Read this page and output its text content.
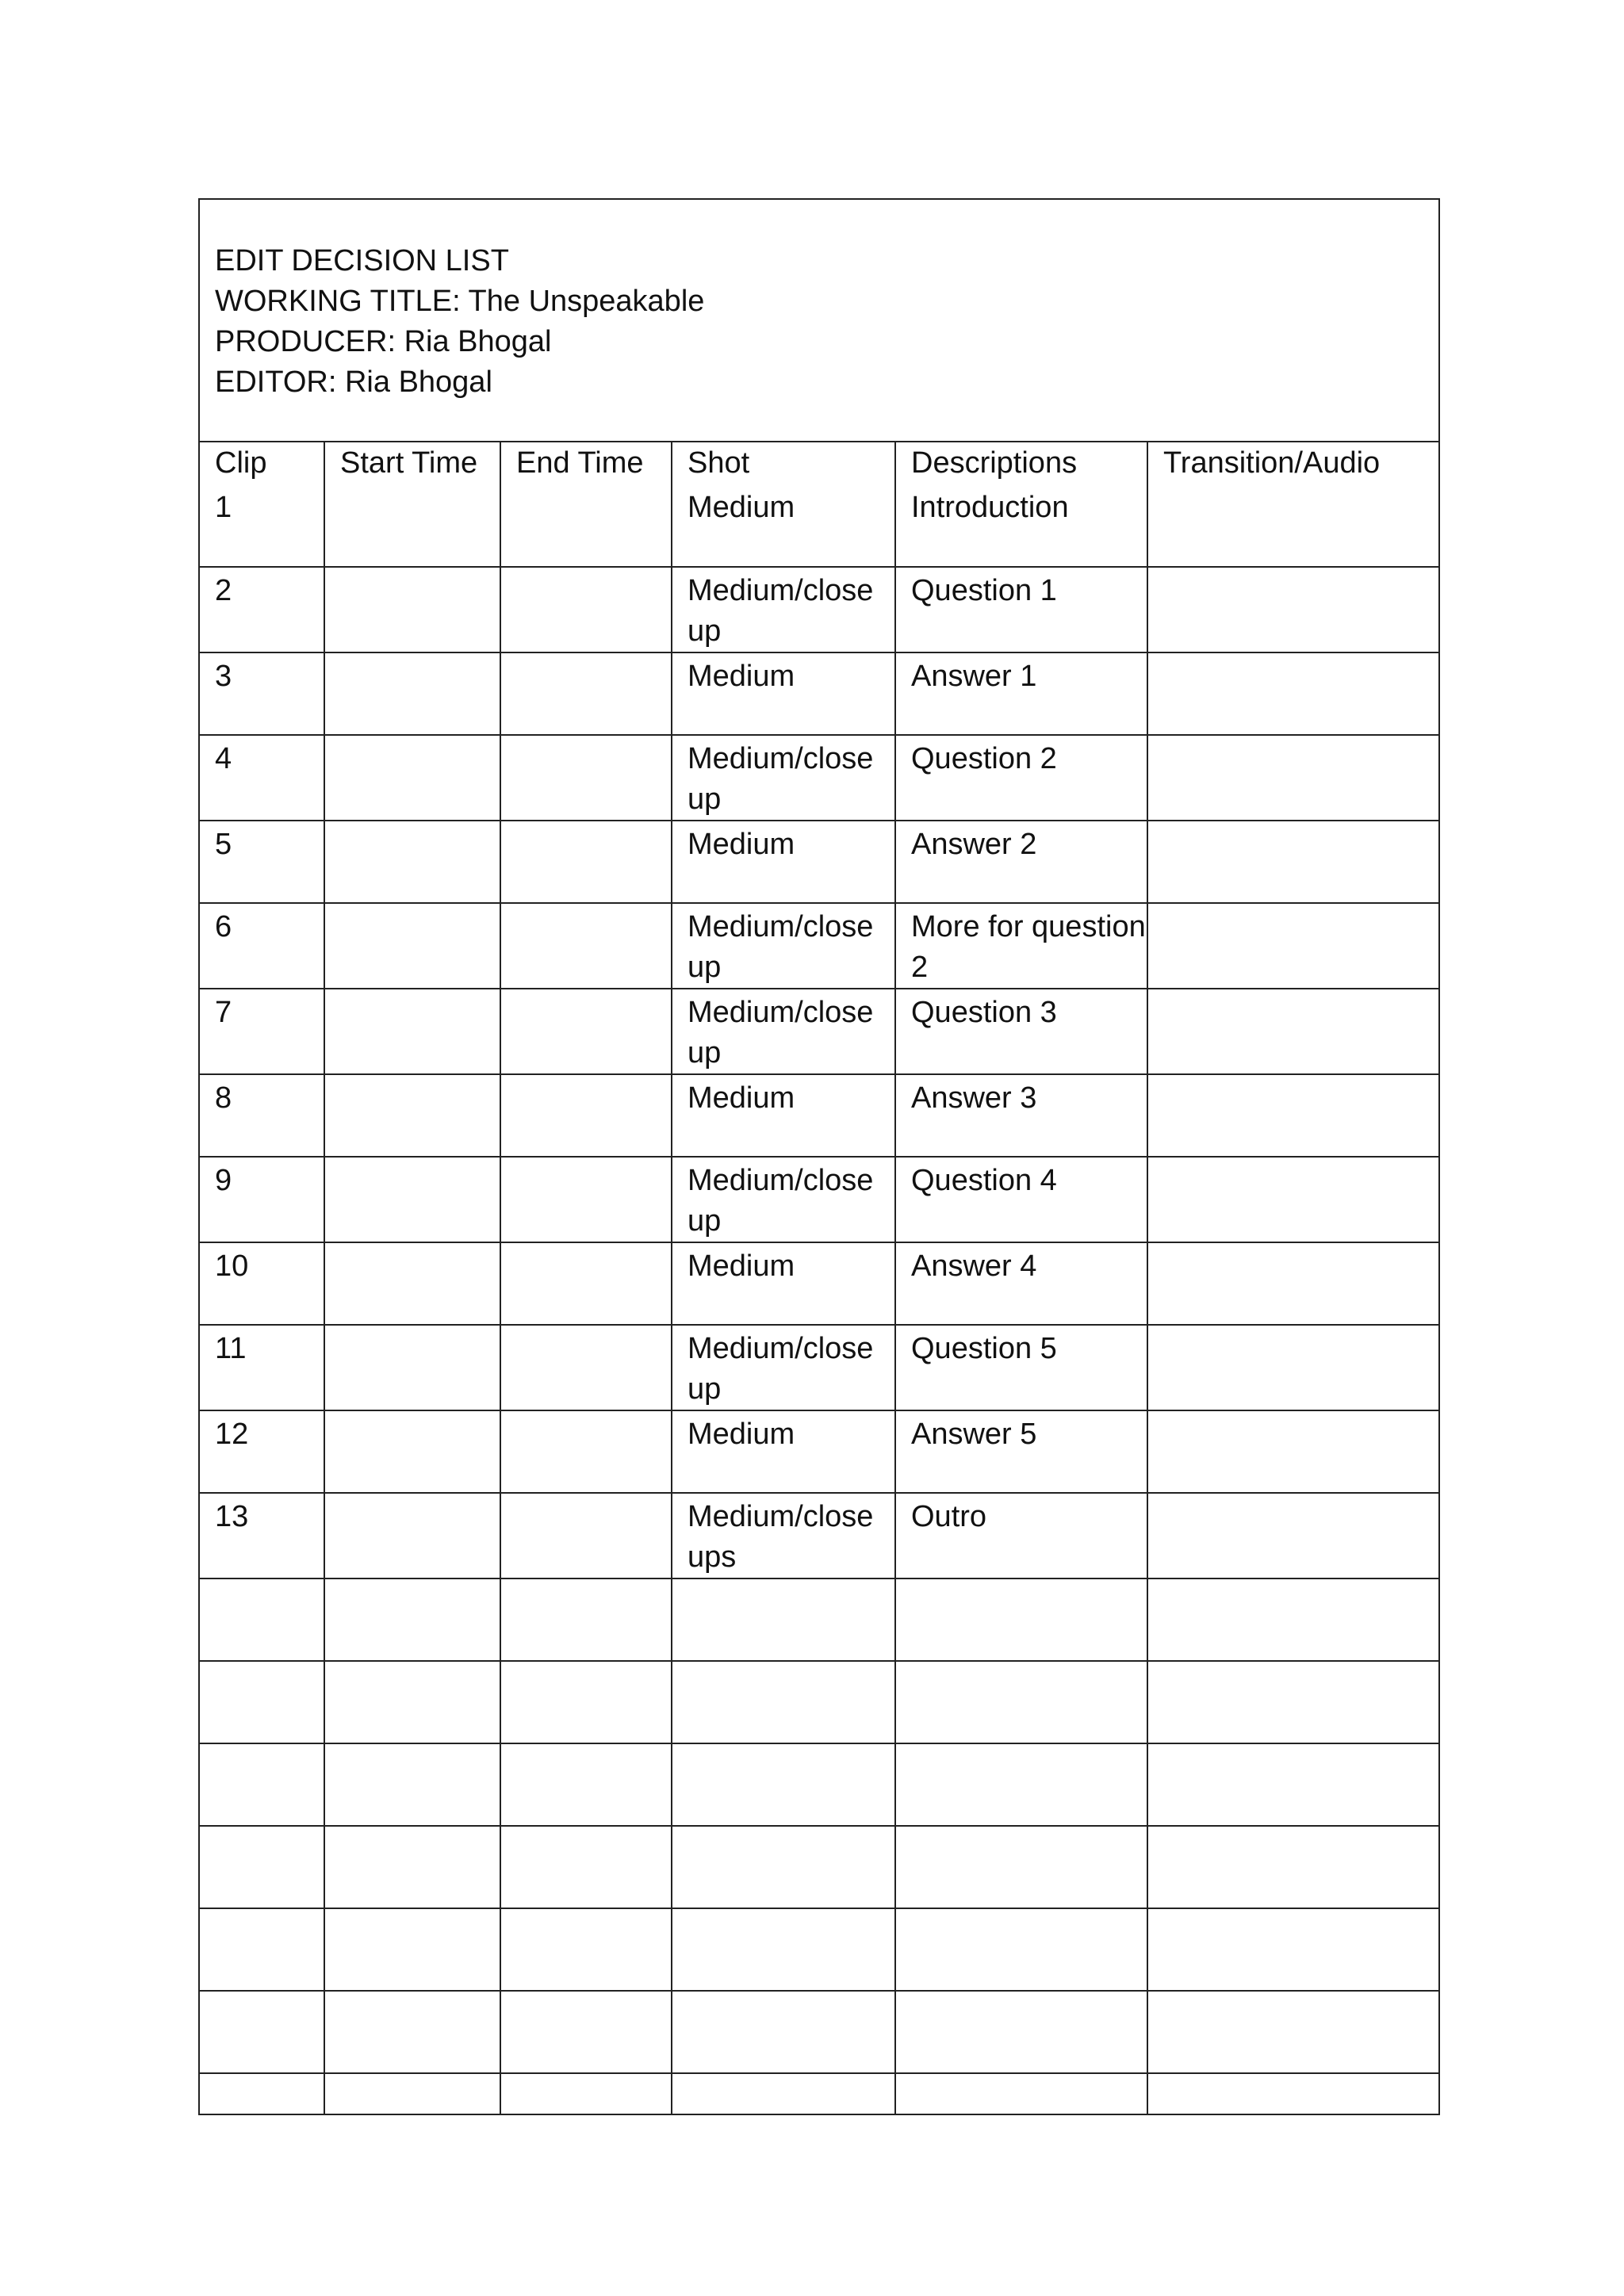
EDIT DECISION LIST
WORKING TITLE: The Unspeakable
PRODUCER: Ria Bhogal
EDITOR: Ria Bhogal
Clip	Start Time	End Time	Shot	Descriptions	Transition/Audio
1			Medium	Introduction	
2			Medium/close up	Question 1	
3			Medium	Answer 1	
4			Medium/close up	Question 2	
5			Medium	Answer 2	
6			Medium/close up	More for question 2	
7			Medium/close up	Question 3	
8			Medium	Answer 3	
9			Medium/close up	Question 4	
10			Medium	Answer 4	
11			Medium/close up	Question 5	
12			Medium	Answer 5	
13			Medium/close ups	Outro	
